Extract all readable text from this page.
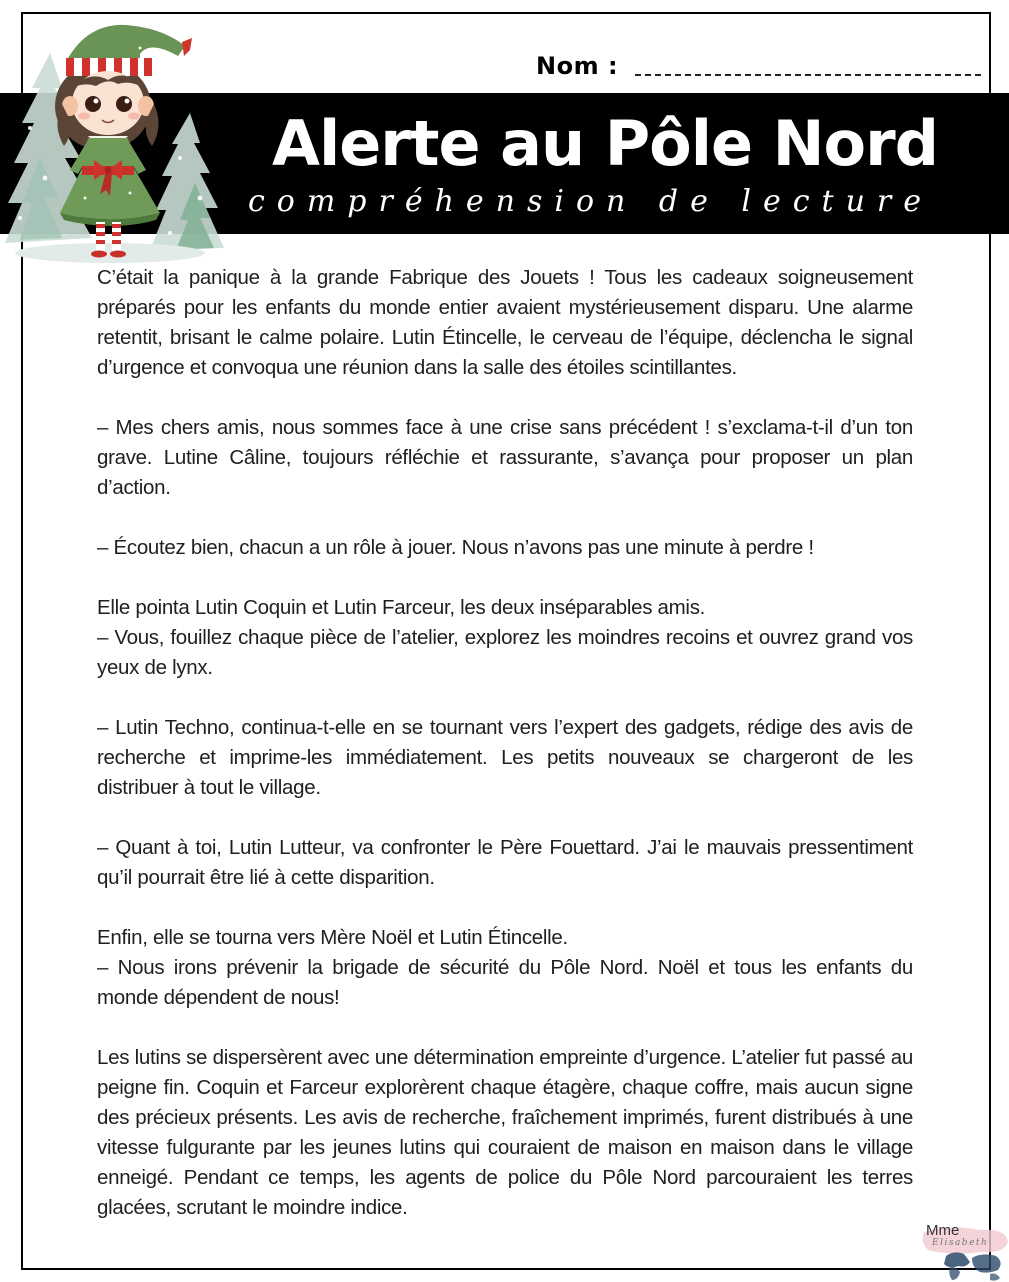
Nom :
Alerte au Pôle Nord
compréhension de lecture

C’était la panique à la grande Fabrique des Jouets ! Tous les cadeaux soigneusement préparés pour les enfants du monde entier avaient mystérieusement disparu. Une alarme retentit, brisant le calme polaire. Lutin Étincelle, le cerveau de l’équipe, déclencha le signal d’urgence et convoqua une réunion dans la salle des étoiles scintillantes.

– Mes chers amis, nous sommes face à une crise sans précédent ! s’exclama-t-il d’un ton grave. Lutine Câline, toujours réfléchie et rassurante, s’avança pour proposer un plan d’action.

– Écoutez bien, chacun a un rôle à jouer. Nous n’avons pas une minute à perdre !

Elle pointa Lutin Coquin et Lutin Farceur, les deux inséparables amis.

– Vous, fouillez chaque pièce de l’atelier, explorez les moindres recoins et ouvrez grand vos yeux de lynx.

– Lutin Techno, continua-t-elle en se tournant vers l’expert des gadgets, rédige des avis de recherche et imprime-les immédiatement. Les petits nouveaux se chargeront de les distribuer à tout le village.

– Quant à toi, Lutin Lutteur, va confronter le Père Fouettard. J’ai le mauvais pressentiment qu’il pourrait être lié à cette disparition.

Enfin, elle se tourna vers Mère Noël et Lutin Étincelle.

– Nous irons prévenir la brigade de sécurité du Pôle Nord. Noël et tous les enfants du monde dépendent de nous!

Les lutins se dispersèrent avec une détermination empreinte d’urgence. L’atelier fut passé au peigne fin. Coquin et Farceur explorèrent chaque étagère, chaque coffre, mais aucun signe des précieux présents. Les avis de recherche, fraîchement imprimés, furent distribués à une vitesse fulgurante par les jeunes lutins qui couraient de maison en maison dans le village enneigé. Pendant ce temps, les agents de police du Pôle Nord parcouraient les terres glacées, scrutant le moindre indice.

Mme
Elisabeth
